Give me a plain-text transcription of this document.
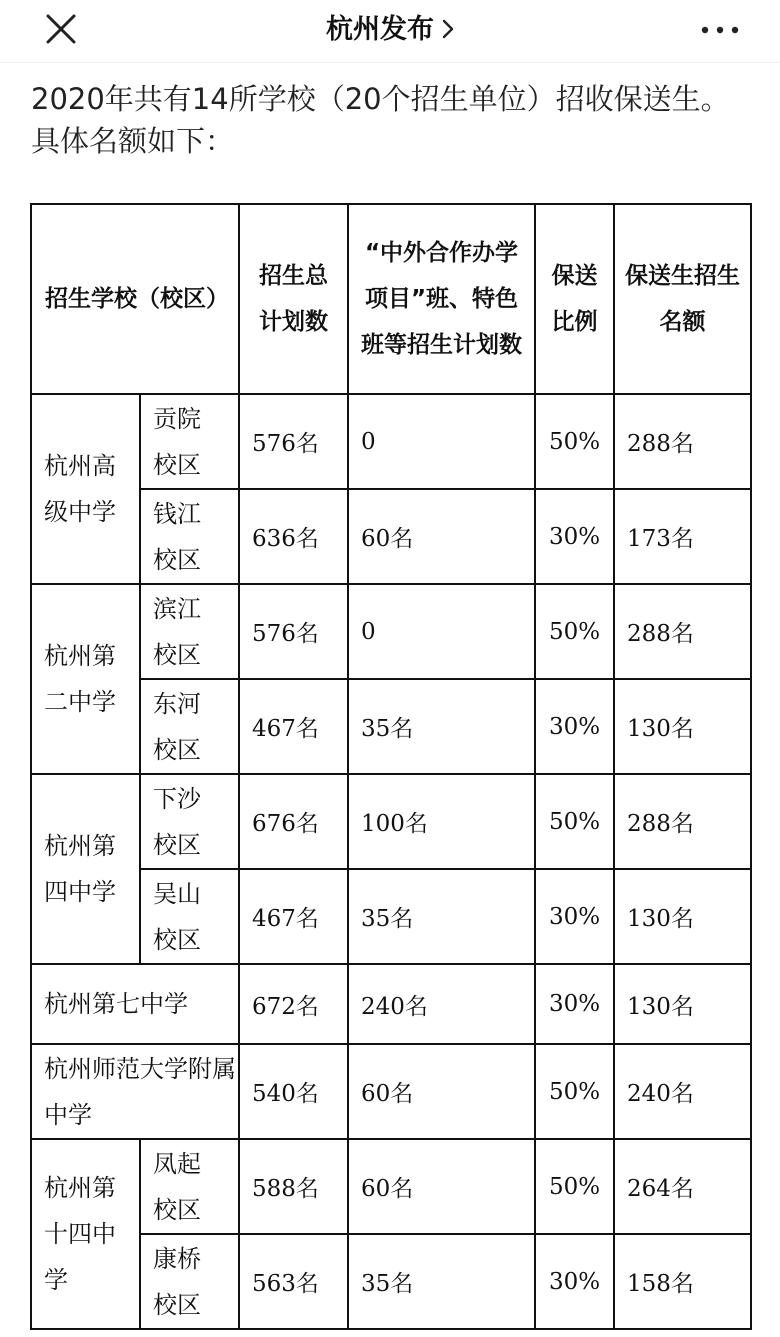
杭州发布

2020年共有14所学校（20个招生单位）招收保送生。

具体名额如下：

招生学校（校区）		招生总计划数	“中外合作办学项目”班、特色班等招生计划数	保送比例	保送生招生名额
杭州高级中学	贡院
校区	576名	0	50%	288名

	钱江
校区	636名	60名	30%	173名
杭州第二中学	滨江
校区	576名	0	50%	288名

	东河
校区	467名	35名	30%	130名
杭州第四中学	下沙
校区	676名	100名	50%	288名

	吴山
校区	467名	35名	30%	130名
杭州第七中学		672名	240名	30%	130名
杭州师范大学附属中学		540名	60名	50%	240名
杭州第十四中学	凤起
校区	588名	60名	50%	264名

	康桥
校区	563名	35名	30%	158名
